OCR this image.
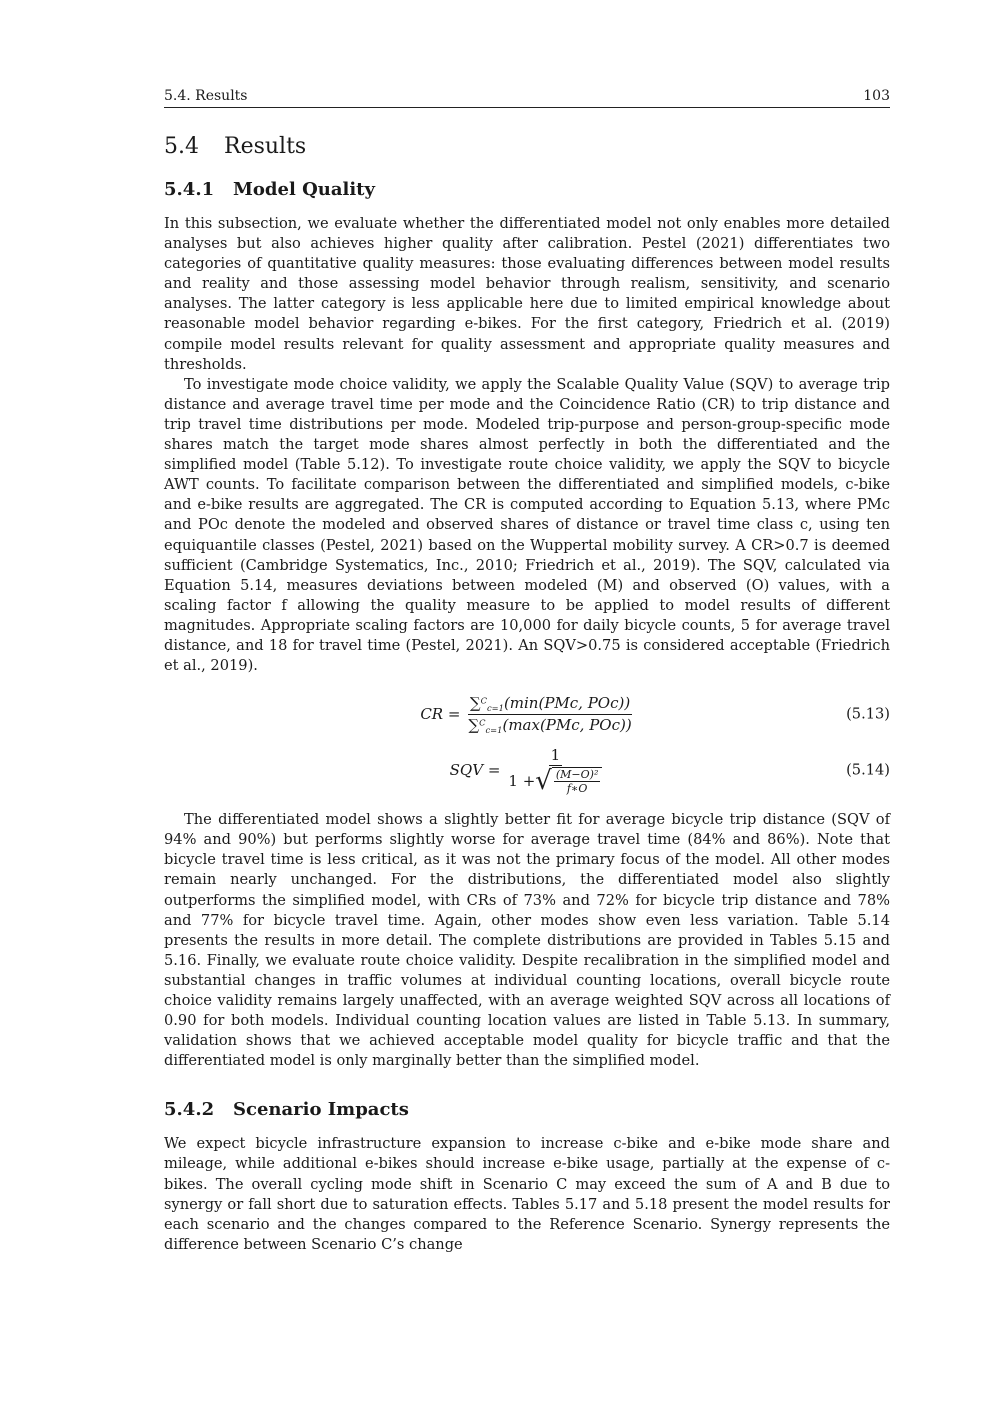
5.4. Results	103
5.4 Results
5.4.1 Model Quality

In this subsection, we evaluate whether the differentiated model not only enables more detailed analyses but also achieves higher quality after calibration. Pestel (2021) differentiates two categories of quantitative quality measures: those evaluating differences between model results and reality and those assessing model behavior through realism, sensitivity, and scenario analyses. The latter category is less applicable here due to limited empirical knowledge about reasonable model behavior regarding e-bikes. For the first category, Friedrich et al. (2019) compile model results relevant for quality assessment and appropriate quality measures and thresholds.

To investigate mode choice validity, we apply the Scalable Quality Value (SQV) to average trip distance and average travel time per mode and the Coincidence Ratio (CR) to trip distance and trip travel time distributions per mode. Modeled trip-purpose and person-group-specific mode shares match the target mode shares almost perfectly in both the differentiated and the simplified model (Table 5.12). To investigate route choice validity, we apply the SQV to bicycle AWT counts. To facilitate comparison between the differentiated and simplified models, c-bike and e-bike results are aggregated. The CR is computed according to Equation 5.13, where PMc and POc denote the modeled and observed shares of distance or travel time class c, using ten equiquantile classes (Pestel, 2021) based on the Wuppertal mobility survey. A CR>0.7 is deemed sufficient (Cambridge Systematics, Inc., 2010; Friedrich et al., 2019). The SQV, calculated via Equation 5.14, measures deviations between modeled (M) and observed (O) values, with a scaling factor f allowing the quality measure to be applied to model results of different magnitudes. Appropriate scaling factors are 10,000 for daily bicycle counts, 5 for average travel distance, and 18 for travel time (Pestel, 2021). An SQV>0.75 is considered acceptable (Friedrich et al., 2019).

CR = $\frac{\sum^C_{c=1}(\min(PMc, POc))}{\sum^C_{c=1}(\max(PMc, POc))}$	(5.13)
SQV =
1
1 + √ $\frac{\text{(M−O)²}}{f∗O}$	(5.14)

The differentiated model shows a slightly better fit for average bicycle trip distance (SQV of 94% and 90%) but performs slightly worse for average travel time (84% and 86%). Note that bicycle travel time is less critical, as it was not the primary focus of the model. All other modes remain nearly unchanged. For the distributions, the differentiated model also slightly outperforms the simplified model, with CRs of 73% and 72% for bicycle trip distance and 78% and 77% for bicycle travel time. Again, other modes show even less variation. Table 5.14 presents the results in more detail. The complete distributions are provided in Tables 5.15 and 5.16. Finally, we evaluate route choice validity. Despite recalibration in the simplified model and substantial changes in traffic volumes at individual counting locations, overall bicycle route choice validity remains largely unaffected, with an average weighted SQV across all locations of 0.90 for both models. Individual counting location values are listed in Table 5.13. In summary, validation shows that we achieved acceptable model quality for bicycle traffic and that the differentiated model is only marginally better than the simplified model.

5.4.2 Scenario Impacts

We expect bicycle infrastructure expansion to increase c-bike and e-bike mode share and mileage, while additional e-bikes should increase e-bike usage, partially at the expense of c-bikes. The overall cycling mode shift in Scenario C may exceed the sum of A and B due to synergy or fall short due to saturation effects. Tables 5.17 and 5.18 present the model results for each scenario and the changes compared to the Reference Scenario. Synergy represents the difference between Scenario C’s change
